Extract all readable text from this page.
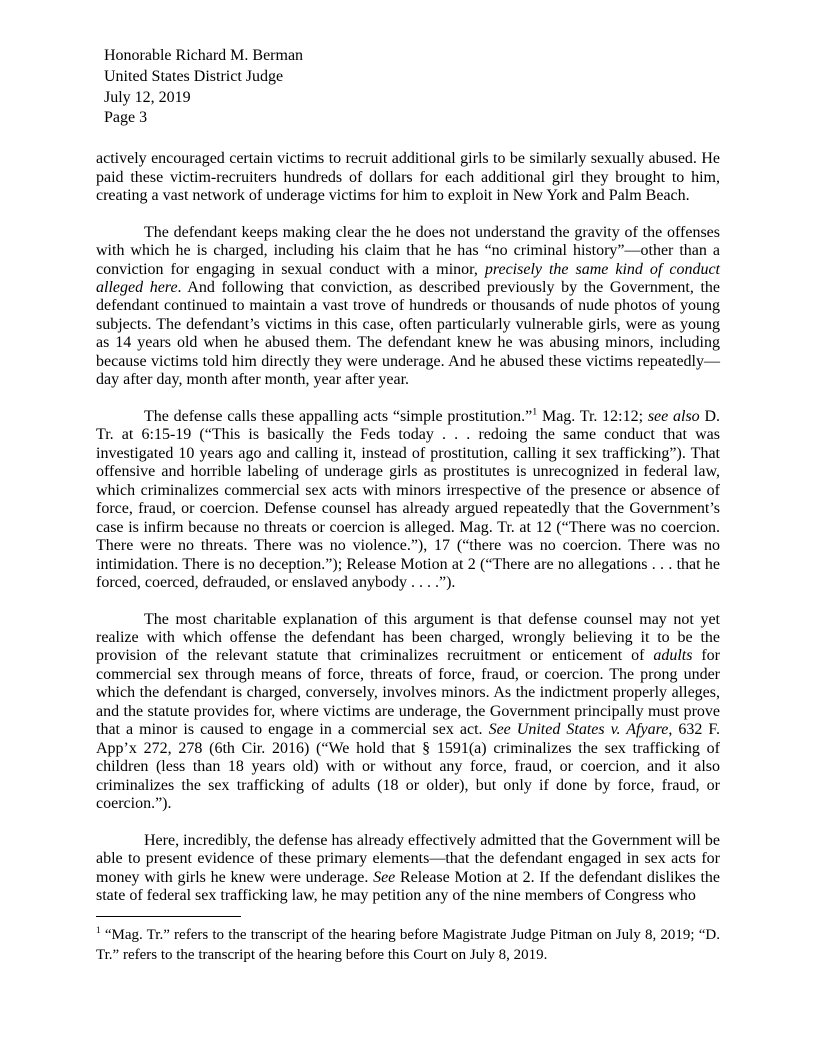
Honorable Richard M. Berman
United States District Judge
July 12, 2019
Page 3

actively encouraged certain victims to recruit additional girls to be similarly sexually abused. He paid these victim-recruiters hundreds of dollars for each additional girl they brought to him, creating a vast network of underage victims for him to exploit in New York and Palm Beach.

The defendant keeps making clear the he does not understand the gravity of the offenses with which he is charged, including his claim that he has “no criminal history”—other than a conviction for engaging in sexual conduct with a minor, precisely the same kind of conduct alleged here. And following that conviction, as described previously by the Government, the defendant continued to maintain a vast trove of hundreds or thousands of nude photos of young subjects. The defendant’s victims in this case, often particularly vulnerable girls, were as young as 14 years old when he abused them. The defendant knew he was abusing minors, including because victims told him directly they were underage. And he abused these victims repeatedly—day after day, month after month, year after year.

The defense calls these appalling acts “simple prostitution.”$^1$ Mag. Tr. 12:12; see also D. Tr. at 6:15-19 (“This is basically the Feds today . . . redoing the same conduct that was investigated 10 years ago and calling it, instead of prostitution, calling it sex trafficking”). That offensive and horrible labeling of underage girls as prostitutes is unrecognized in federal law, which criminalizes commercial sex acts with minors irrespective of the presence or absence of force, fraud, or coercion. Defense counsel has already argued repeatedly that the Government’s case is infirm because no threats or coercion is alleged. Mag. Tr. at 12 (“There was no coercion. There were no threats. There was no violence.”), 17 (“there was no coercion. There was no intimidation. There is no deception.”); Release Motion at 2 (“There are no allegations . . . that he forced, coerced, defrauded, or enslaved anybody . . . .”).

The most charitable explanation of this argument is that defense counsel may not yet realize with which offense the defendant has been charged, wrongly believing it to be the provision of the relevant statute that criminalizes recruitment or enticement of adults for commercial sex through means of force, threats of force, fraud, or coercion. The prong under which the defendant is charged, conversely, involves minors. As the indictment properly alleges, and the statute provides for, where victims are underage, the Government principally must prove that a minor is caused to engage in a commercial sex act. See United States v. Afyare, 632 F. App’x 272, 278 (6th Cir. 2016) (“We hold that § 1591(a) criminalizes the sex trafficking of children (less than 18 years old) with or without any force, fraud, or coercion, and it also criminalizes the sex trafficking of adults (18 or older), but only if done by force, fraud, or coercion.”).

Here, incredibly, the defense has already effectively admitted that the Government will be able to present evidence of these primary elements—that the defendant engaged in sex acts for money with girls he knew were underage. See Release Motion at 2. If the defendant dislikes the state of federal sex trafficking law, he may petition any of the nine members of Congress who

$^1$ “Mag. Tr.” refers to the transcript of the hearing before Magistrate Judge Pitman on July 8, 2019; “D. Tr.” refers to the transcript of the hearing before this Court on July 8, 2019.
